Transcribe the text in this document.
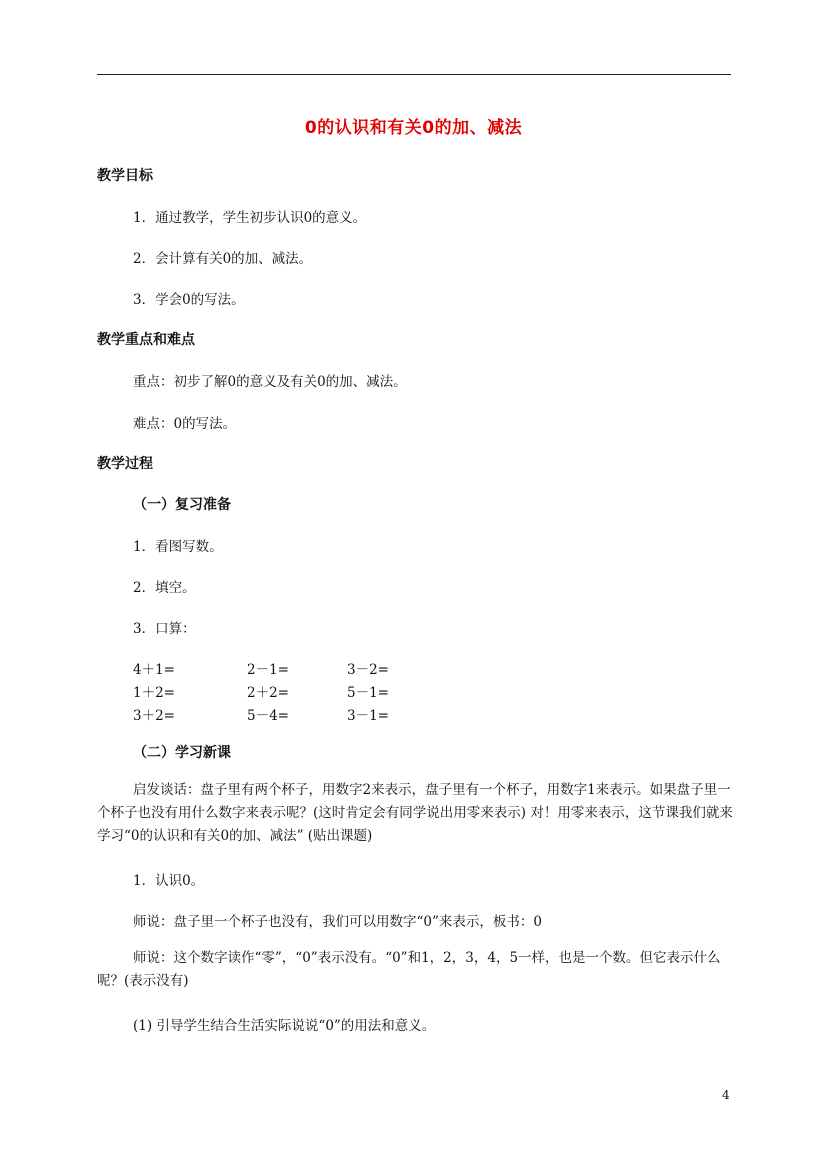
0的认识和有关0的加、减法
教学目标
1．通过教学，学生初步认识0的意义。
2．会计算有关0的加、减法。
3．学会0的写法。
教学重点和难点
重点：初步了解0的意义及有关0的加、减法。
难点：0的写法。
教学过程
（一）复习准备
1．看图写数。
2．填空。
3．口算：
4＋1=	2－1=	3－2=
1＋2=	2＋2=	5－1=
3＋2=	5－4=	3－1=
（二）学习新课
启发谈话：盘子里有两个杯子，用数字2来表示，盘子里有一个杯子，用数字1来表示。如果盘子里一个杯子也没有用什么数字来表示呢？(这时肯定会有同学说出用零来表示) 对！用零来表示，这节课我们就来学习“0的认识和有关0的加、减法” (贴出课题)
1．认识0。
师说：盘子里一个杯子也没有，我们可以用数字“0”来表示，板书：0
师说：这个数字读作“零”，“0”表示没有。“0”和1，2，3，4，5一样，也是一个数。但它表示什么呢？(表示没有)
(1) 引导学生结合生活实际说说“0”的用法和意义。
4
